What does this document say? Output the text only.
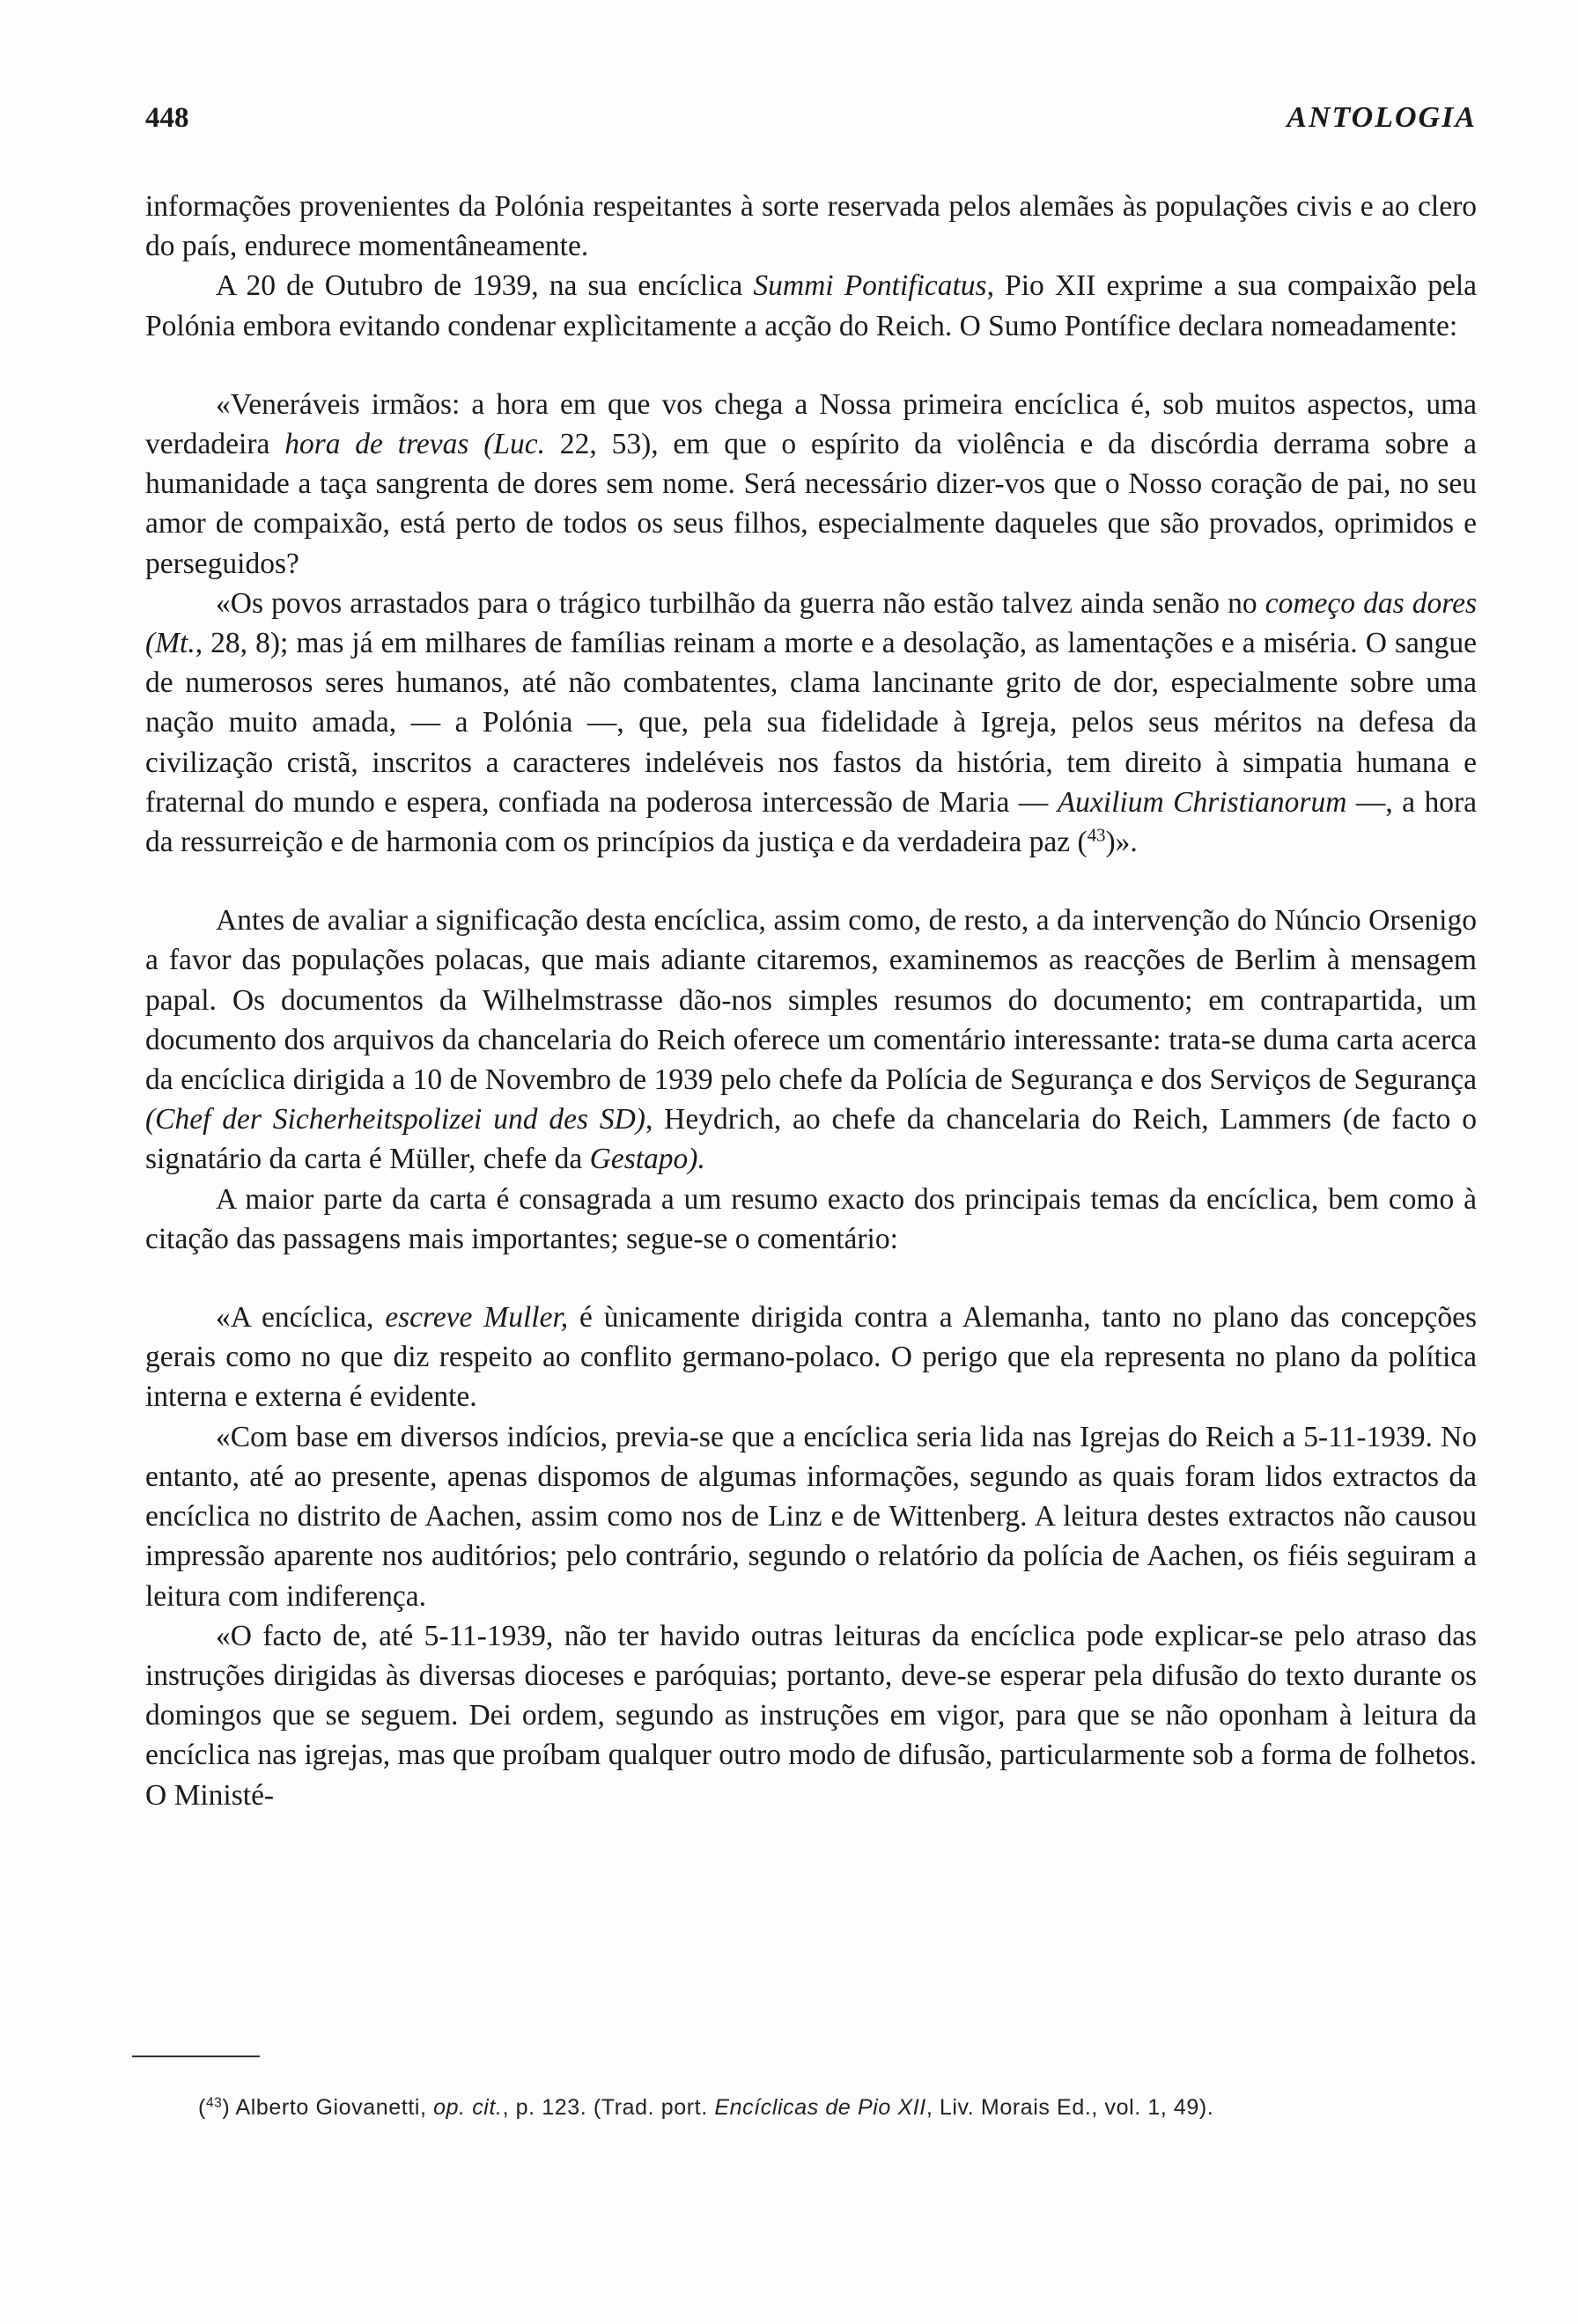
448	ANTOLOGIA

informações provenientes da Polónia respeitantes à sorte reservada pelos alemães às populações civis e ao clero do país, endurece momentâneamente.

A 20 de Outubro de 1939, na sua encíclica Summi Pontificatus, Pio XII exprime a sua compaixão pela Polónia embora evitando condenar explìcitamente a acção do Reich. O Sumo Pontífice declara nomeadamente:

«Veneráveis irmãos: a hora em que vos chega a Nossa primeira encíclica é, sob muitos aspectos, uma verdadeira hora de trevas (Luc. 22, 53), em que o espírito da violência e da discórdia derrama sobre a humanidade a taça sangrenta de dores sem nome. Será necessário dizer-vos que o Nosso coração de pai, no seu amor de compaixão, está perto de todos os seus filhos, especialmente daqueles que são provados, oprimidos e perseguidos?

«Os povos arrastados para o trágico turbilhão da guerra não estão talvez ainda senão no começo das dores (Mt., 28, 8); mas já em milhares de famílias reinam a morte e a desolação, as lamentações e a miséria. O sangue de numerosos seres humanos, até não combatentes, clama lancinante grito de dor, especialmente sobre uma nação muito amada, — a Polónia —, que, pela sua fidelidade à Igreja, pelos seus méritos na defesa da civilização cristã, inscritos a caracteres indeléveis nos fastos da história, tem direito à simpatia humana e fraternal do mundo e espera, confiada na poderosa intercessão de Maria — Auxilium Christianorum —, a hora da ressurreição e de harmonia com os princípios da justiça e da verdadeira paz ($^{43}$)».

Antes de avaliar a significação desta encíclica, assim como, de resto, a da intervenção do Núncio Orsenigo a favor das populações polacas, que mais adiante citaremos, examinemos as reacções de Berlim à mensagem papal. Os documentos da Wilhelmstrasse dão-nos simples resumos do documento; em contrapartida, um documento dos arquivos da chancelaria do Reich oferece um comentário interessante: trata-se duma carta acerca da encíclica dirigida a 10 de Novembro de 1939 pelo chefe da Polícia de Segurança e dos Serviços de Segurança (Chef der Sicherheitspolizei und des SD), Heydrich, ao chefe da chancelaria do Reich, Lammers (de facto o signatário da carta é Müller, chefe da Gestapo).

A maior parte da carta é consagrada a um resumo exacto dos principais temas da encíclica, bem como à citação das passagens mais importantes; segue-se o comentário:

«A encíclica, escreve Muller, é ùnicamente dirigida contra a Alemanha, tanto no plano das concepções gerais como no que diz respeito ao conflito germano-polaco. O perigo que ela representa no plano da política interna e externa é evidente.

«Com base em diversos indícios, previa-se que a encíclica seria lida nas Igrejas do Reich a 5-11-1939. No entanto, até ao presente, apenas dispomos de algumas informações, segundo as quais foram lidos extractos da encíclica no distrito de Aachen, assim como nos de Linz e de Wittenberg. A leitura destes extractos não causou impressão aparente nos auditórios; pelo contrário, segundo o relatório da polícia de Aachen, os fiéis seguiram a leitura com indiferença.

«O facto de, até 5-11-1939, não ter havido outras leituras da encíclica pode explicar-se pelo atraso das instruções dirigidas às diversas dioceses e paróquias; portanto, deve-se esperar pela difusão do texto durante os domingos que se seguem. Dei ordem, segundo as instruções em vigor, para que se não oponham à leitura da encíclica nas igrejas, mas que proíbam qualquer outro modo de difusão, particularmente sob a forma de folhetos. O Ministé-

($^{43}$) Alberto Giovanetti, op. cit., p. 123. (Trad. port. Encíclicas de Pio XII, Liv. Morais Ed., vol. 1, 49).
